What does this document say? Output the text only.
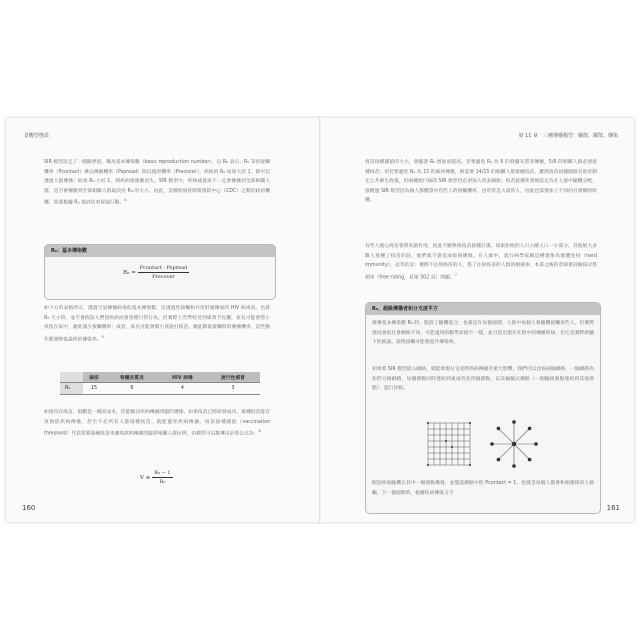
景觀型態設
SIR 模型設定了一個閥界值，稱為基本傳染數（basic reproduction number），以 R₀ 表示。R₀ 等於接觸機率（Pcontact）乘以傳播機率（Pspread）除以復原機率（Precover）。疾病的 R₀ 如果大於 1，即可以透過人群傳播；如果 R₀ 小於 1，則疾病會逐漸消失。SIR 模型中，疾病或資訊不一定會傳播到全部相關人群，是否會傳播到全部相關人群取決於 R₀ 的大小。因此，美國疾病管制與預防中心（CDC）之類的政府機構，需要根據 R₀ 值評估來採取行動。$^4$
R₀：基本傳染數
$R_0 = \frac{\text{Pcontact · Pspread}}{\text{Precover}}$
如下方的表格所示，透過空氣傳播病毒的基本傳染數，比透過性接觸和共用針頭傳染的 HIV 病毒高。估算 R₀ 大小時，並不會假設人們因疾病而會改變日常行為。但實際上若學校受到威脅予佼擾，家長可能會將小孩留在家中，藉此減少接觸機率；或者，家長可能會幫小孩施打疫苗，藉此降低接觸時的傳播機率。這些動作都會降低最終的傳染率。$^5$
	麻疹	脊髓灰質炎	HIV 病毒	流行性感冒
R₀	15	6	4	3
如果沒有疫苗，阻斷是一種高成本，但能解決疾病傳播問題的選擇。如果疫苗已經研發成功，接種疫苗能有效預防疾病傳播，甚至不必所有人都接種疫苗，就能避免疾病傳播。疫苗接種閥值（vaccination threshold）代表需要接種疫苗來避免疾病傳播的臨界相關人群比例，由模型可以推導出計算公式為：$^6$
$V \ge \frac{\text{R₀ − 1}}{\text{R₀}}$
160
第 11 章　三種傳播模型：擴散、躍散、傳染
疫苗接種閥值的大小，會隨著 R₀ 增加而提高。若要避免 R₀ 為 6 的脊髓灰質炎傳播，5/6 的相關人群必須接種疫苗；但若要避免 R₀ 為 15 的麻疹傳播，則需要 14/15 的相關人群接種疫苗。雖然疫苗接種閥值有助於制定公共衛生政策，但兩種流行病的 SIR 模型仍必須加入更多細節；疫苗接種率會被設定為在人群中隨機分配，接種過 SIR 模型因為個人群體當中有些人的接觸機率，也常常是大量的人，因此也需要加上不同的社會網絡結構。
有些人擔心疫苗會帶來副作用，因此不願參與疫苗接種計畫。如果拒絕的人只占總人口一小部分，其他絕大多數人接種了疫苗的話，他們就不會造成疫情擴散。在人群中，流行病學家稱這種現象為群體免疫（herd immunity），這等於是：選擇不注射疫苗的人，搭了注射疫苗的人群的順風車。本書之後的章節會詳細探討搭便車（free riding，見第 302 頁）問題。$^7$
R₀、超級傳播者和分支度平方
推導基本傳染數 R₀ 時，假設了隨機混合，也就是在每個週期，人群中每個人會隨機接觸某些人，但實際情況會依社會網絡不同，可能適用的數學原理不一樣，並引起出現在社群中的傳播疾病，但它是實際經驗下的推論，說明接觸可能會提升傳染率。
如果將 SIR 模型嵌入網路，就能發現分支度對疾病傳播有重大影響。我們可以比較兩個網路，一個網路為矩形方格網路，每個節點同時連結到東南西北四個節點，以及輻輻式網路（一個輻紐節點連結到其他節點），進行比較。
假設疾病隨機在其中一個節點爆發，並假設網路中的 Pcontact = 1，也就是每個人都會和相連結的人接觸，下一個週期時，根據疾病傳染力不
161
